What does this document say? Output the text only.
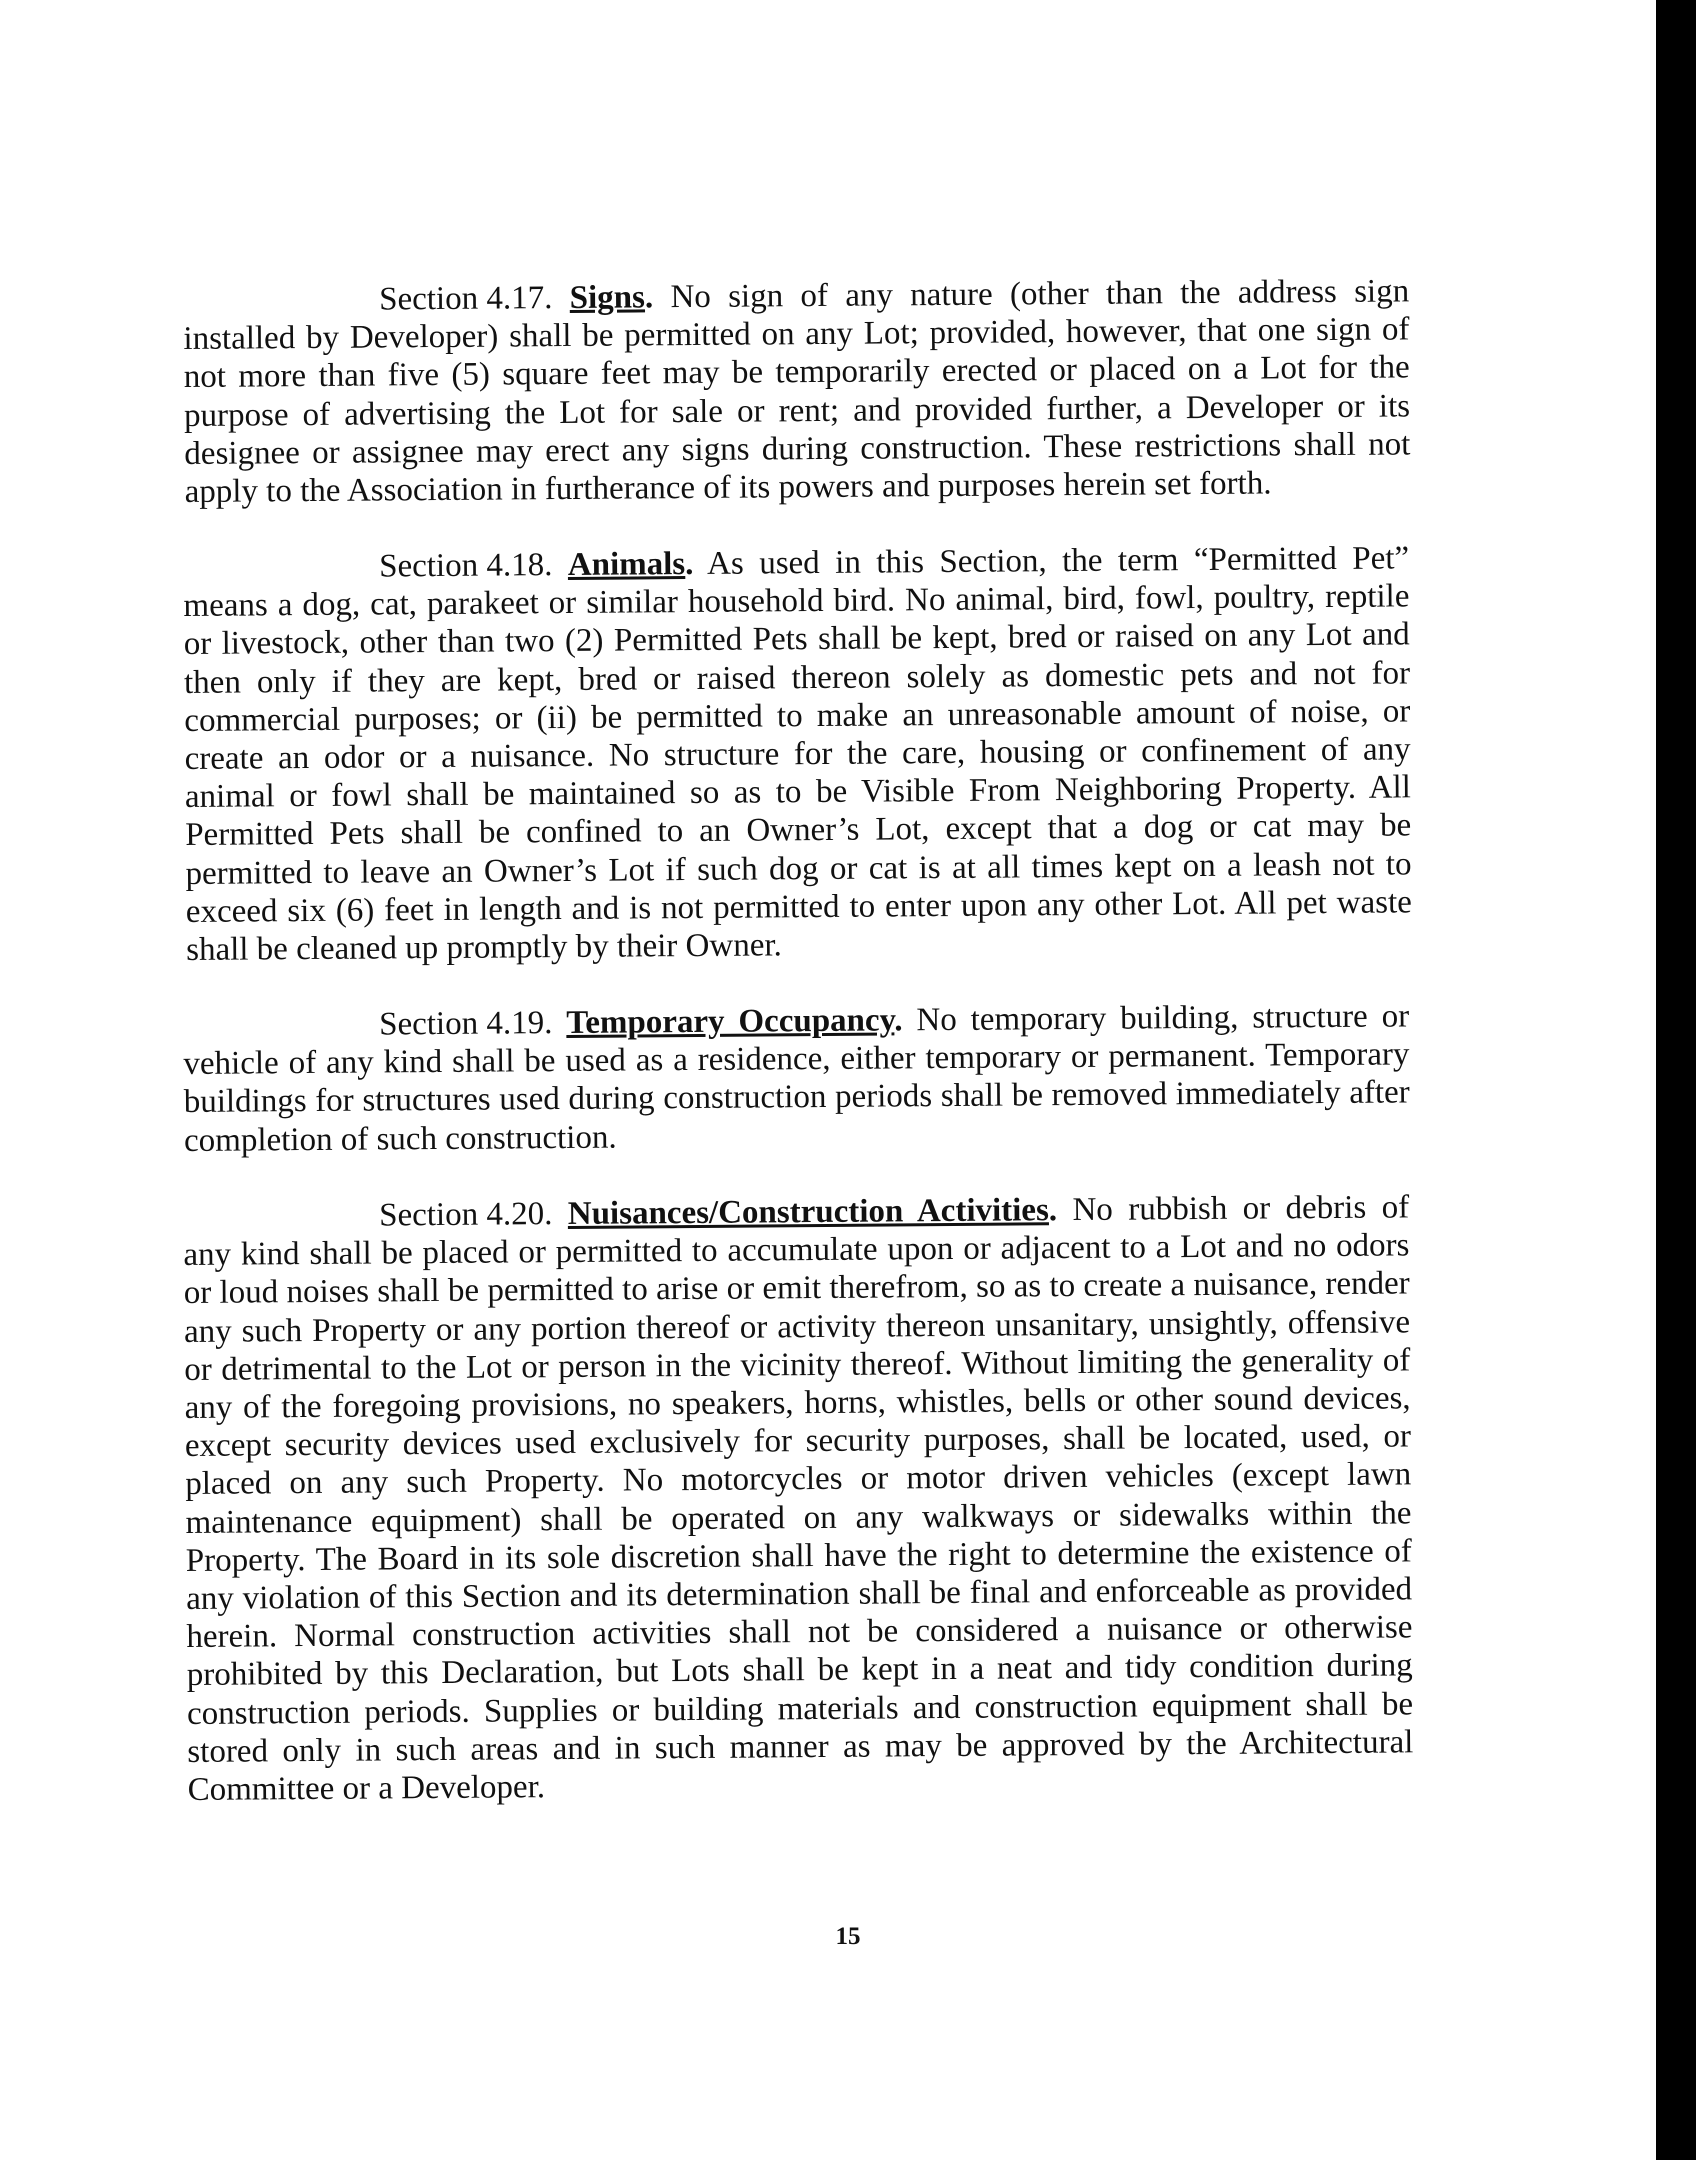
Section 4.17. Signs. No sign of any nature (other than the address sign installed by Developer) shall be permitted on any Lot; provided, however, that one sign of not more than five (5) square feet may be temporarily erected or placed on a Lot for the purpose of advertising the Lot for sale or rent; and provided further, a Developer or its designee or assignee may erect any signs during construction. These restrictions shall not apply to the Association in furtherance of its powers and purposes herein set forth.

Section 4.18. Animals. As used in this Section, the term “Permitted Pet” means a dog, cat, parakeet or similar household bird. No animal, bird, fowl, poultry, reptile or livestock, other than two (2) Permitted Pets shall be kept, bred or raised on any Lot and then only if they are kept, bred or raised thereon solely as domestic pets and not for commercial purposes; or (ii) be permitted to make an unreasonable amount of noise, or create an odor or a nuisance. No structure for the care, housing or confinement of any animal or fowl shall be maintained so as to be Visible From Neighboring Property. All Permitted Pets shall be confined to an Owner’s Lot, except that a dog or cat may be permitted to leave an Owner’s Lot if such dog or cat is at all times kept on a leash not to exceed six (6) feet in length and is not permitted to enter upon any other Lot. All pet waste shall be cleaned up promptly by their Owner.

Section 4.19. Temporary Occupancy. No temporary building, structure or vehicle of any kind shall be used as a residence, either temporary or permanent. Temporary buildings for structures used during construction periods shall be removed immediately after completion of such construction.

Section 4.20. Nuisances/Construction Activities. No rubbish or debris of any kind shall be placed or permitted to accumulate upon or adjacent to a Lot and no odors or loud noises shall be permitted to arise or emit therefrom, so as to create a nuisance, render any such Property or any portion thereof or activity thereon unsanitary, unsightly, offensive or detrimental to the Lot or person in the vicinity thereof. Without limiting the generality of any of the foregoing provisions, no speakers, horns, whistles, bells or other sound devices, except security devices used exclusively for security purposes, shall be located, used, or placed on any such Property. No motorcycles or motor driven vehicles (except lawn maintenance equipment) shall be operated on any walkways or sidewalks within the Property. The Board in its sole discretion shall have the right to determine the existence of any violation of this Section and its determination shall be final and enforceable as provided herein. Normal construction activities shall not be considered a nuisance or otherwise prohibited by this Declaration, but Lots shall be kept in a neat and tidy condition during construction periods. Supplies or building materials and construction equipment shall be stored only in such areas and in such manner as may be approved by the Architectural Committee or a Developer.

15
